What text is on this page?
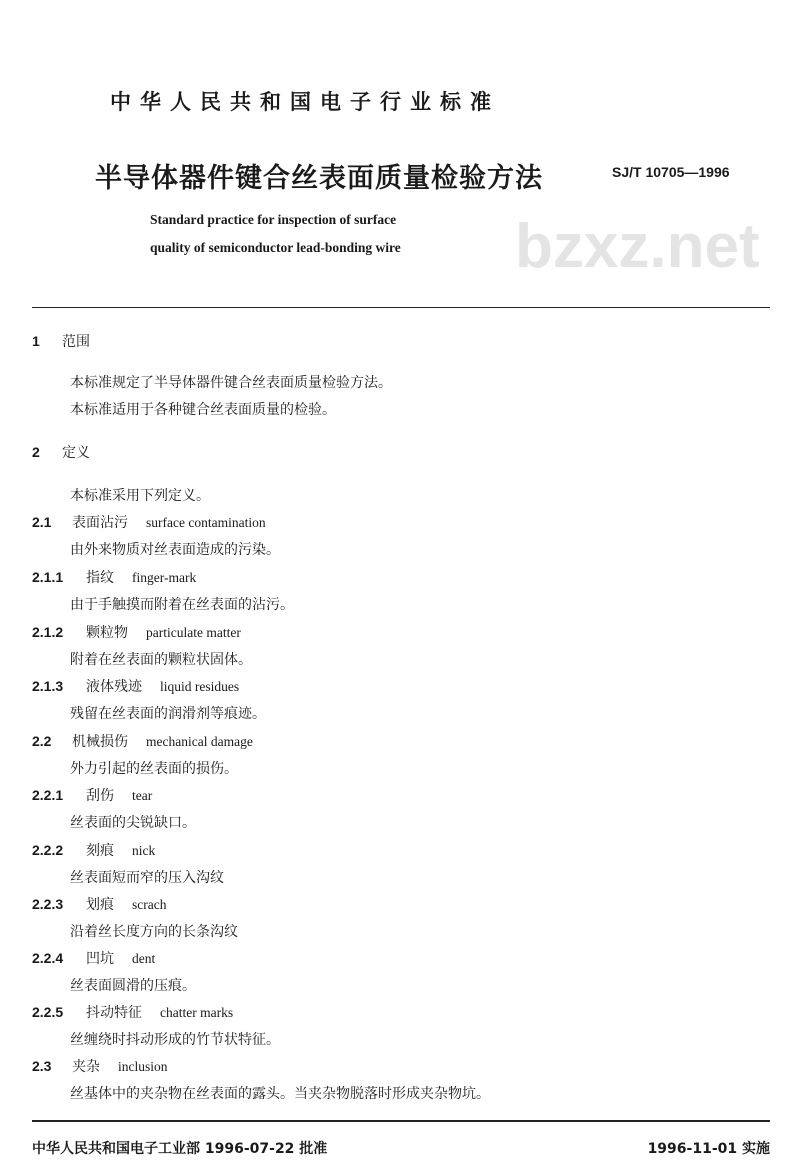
bzxz.net
中华人民共和国电子行业标准
半导体器件键合丝表面质量检验方法	SJ/T 10705—1996
Standard practice for inspection of surface
quality of semiconductor lead-bonding wire
1 范围
本标准规定了半导体器件键合丝表面质量检验方法。
本标准适用于各种键合丝表面质量的检验。
2 定义
本标准采用下列定义。
2.1 表面沾污 surface contamination
由外来物质对丝表面造成的污染。
2.1.1 指纹 finger-mark
由于手触摸而附着在丝表面的沾污。
2.1.2 颗粒物 particulate matter
附着在丝表面的颗粒状固体。
2.1.3 液体残迹 liquid residues
残留在丝表面的润滑剂等痕迹。
2.2 机械损伤 mechanical damage
外力引起的丝表面的损伤。
2.2.1 刮伤 tear
丝表面的尖锐缺口。
2.2.2 刻痕 nick
丝表面短而窄的压入沟纹
2.2.3 划痕 scrach
沿着丝长度方向的长条沟纹
2.2.4 凹坑 dent
丝表面圆滑的压痕。
2.2.5 抖动特征 chatter marks
丝缠绕时抖动形成的竹节状特征。
2.3 夹杂 inclusion
丝基体中的夹杂物在丝表面的露头。当夹杂物脱落时形成夹杂物坑。
中华人民共和国电子工业部 1996-07-22 批准	1996-11-01 实施
